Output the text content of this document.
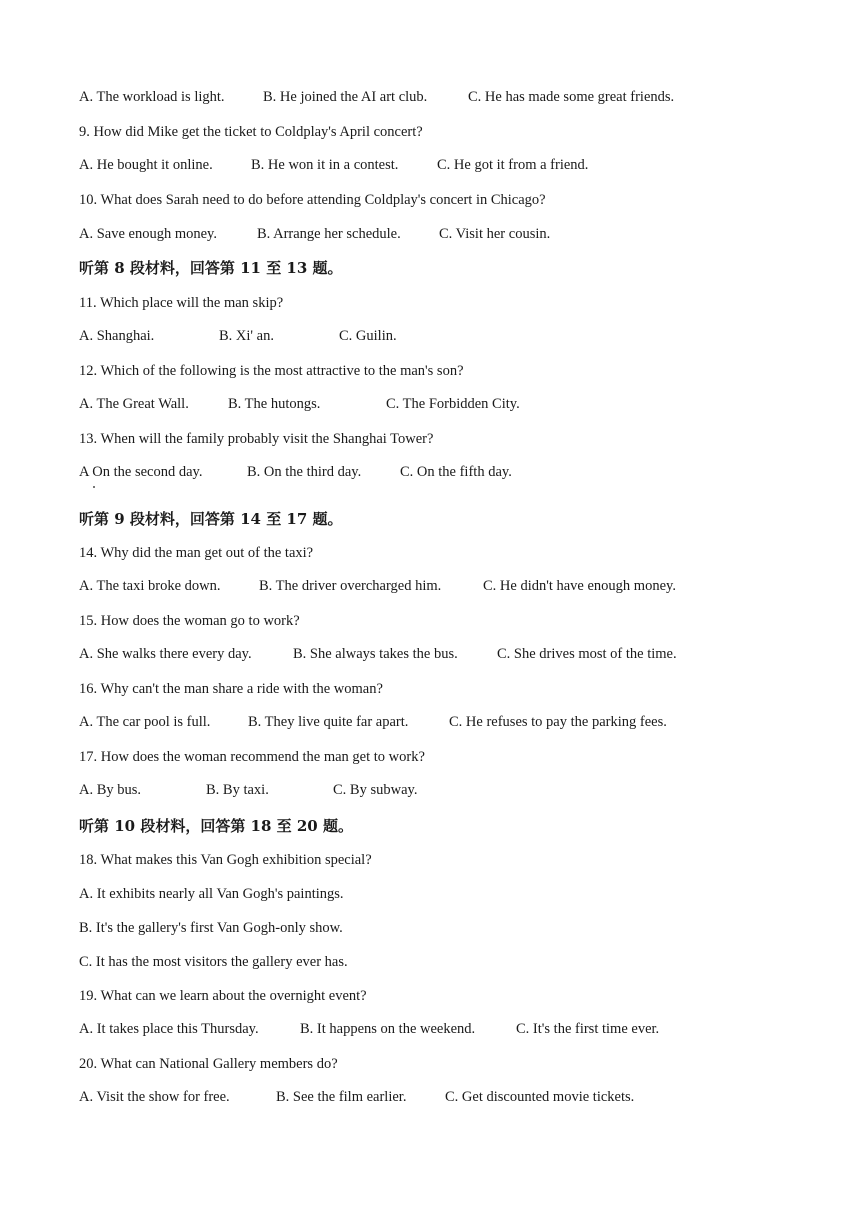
A. The workload is light.	B. He joined the AI art club.	C. He has made some great friends.
9. How did Mike get the ticket to Coldplay's April concert?
A. He bought it online.	B. He won it in a contest.	C. He got it from a friend.
10. What does Sarah need to do before attending Coldplay's concert in Chicago?
A. Save enough money.	B. Arrange her schedule.	C. Visit her cousin.
听第 8 段材料，回答第 11 至 13 题。
11. Which place will the man skip?
A. Shanghai.	B. Xi' an.	C. Guilin.
12. Which of the following is the most attractive to the man's son?
A. The Great Wall.	B. The hutongs.	C. The Forbidden City.
13. When will the family probably visit the Shanghai Tower?
A On the second day.	B. On the third day.	C. On the fifth day.
听第 9 段材料，回答第 14 至 17 题。
14. Why did the man get out of the taxi?
A. The taxi broke down.	B. The driver overcharged him.	C. He didn't have enough money.
15. How does the woman go to work?
A. She walks there every day.	B. She always takes the bus.	C. She drives most of the time.
16. Why can't the man share a ride with the woman?
A. The car pool is full.	B. They live quite far apart.	C. He refuses to pay the parking fees.
17. How does the woman recommend the man get to work?
A. By bus.	B. By taxi.	C. By subway.
听第 10 段材料，回答第 18 至 20 题。
18. What makes this Van Gogh exhibition special?
A. It exhibits nearly all Van Gogh's paintings.
B. It's the gallery's first Van Gogh-only show.
C. It has the most visitors the gallery ever has.
19. What can we learn about the overnight event?
A. It takes place this Thursday.	B. It happens on the weekend.	C. It's the first time ever.
20. What can National Gallery members do?
A. Visit the show for free.	B. See the film earlier.	C. Get discounted movie tickets.
